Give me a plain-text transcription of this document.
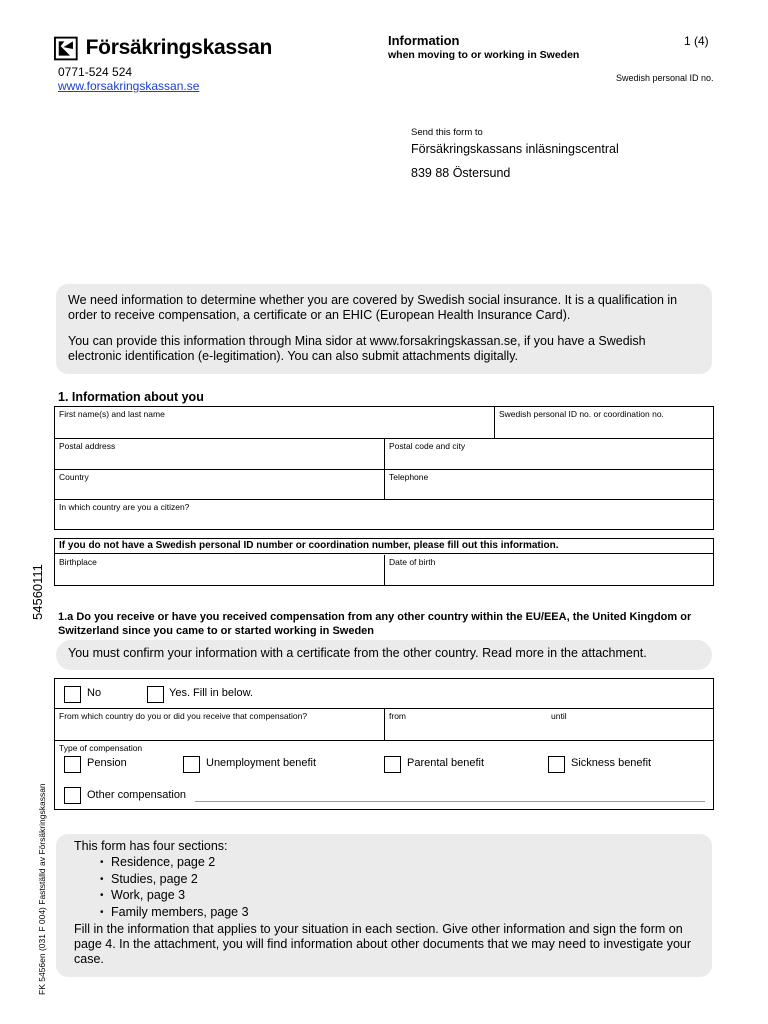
Försäkringskassan
0771-524 524
www.forsakringskassan.se
Information
when moving to or working in Sweden
1 (4)
Swedish personal ID no.
Send this form to
Försäkringskassans inläsningscentral
839 88 Östersund

We need information to determine whether you are covered by Swedish social insurance. It is a qualification in order to receive compensation, a certificate or an EHIC (European Health Insurance Card).

You can provide this information through Mina sidor at www.forsakringskassan.se, if you have a Swedish electronic identification (e-legitimation). You can also submit attachments digitally.

1. Information about you
First name(s) and last name	Swedish personal ID no. or coordination no.
Postal address	Postal code and city
Country	Telephone
In which country are you a citizen?
If you do not have a Swedish personal ID number or coordination number, please fill out this information.
Birthplace	Date of birth
1.a Do you receive or have you received compensation from any other country within the EU/EEA, the United Kingdom or Switzerland since you came to or started working in Sweden
You must confirm your information with a certificate from the other country. Read more in the attachment.
No	Yes. Fill in below.
From which country do you or did you receive that compensation?	from	until
Type of compensation
Pension	Unemployment benefit	Parental benefit	Sickness benefit
Other compensation
This form has four sections:
• Residence, page 2
• Studies, page 2
• Work, page 3
• Family members, page 3
Fill in the information that applies to your situation in each section. Give other information and sign the form on page 4. In the attachment, you will find information about other documents that we may need to investigate your case.
54560111
FK 5456en (031 F 004) Fastställd av Försäkringskassan
